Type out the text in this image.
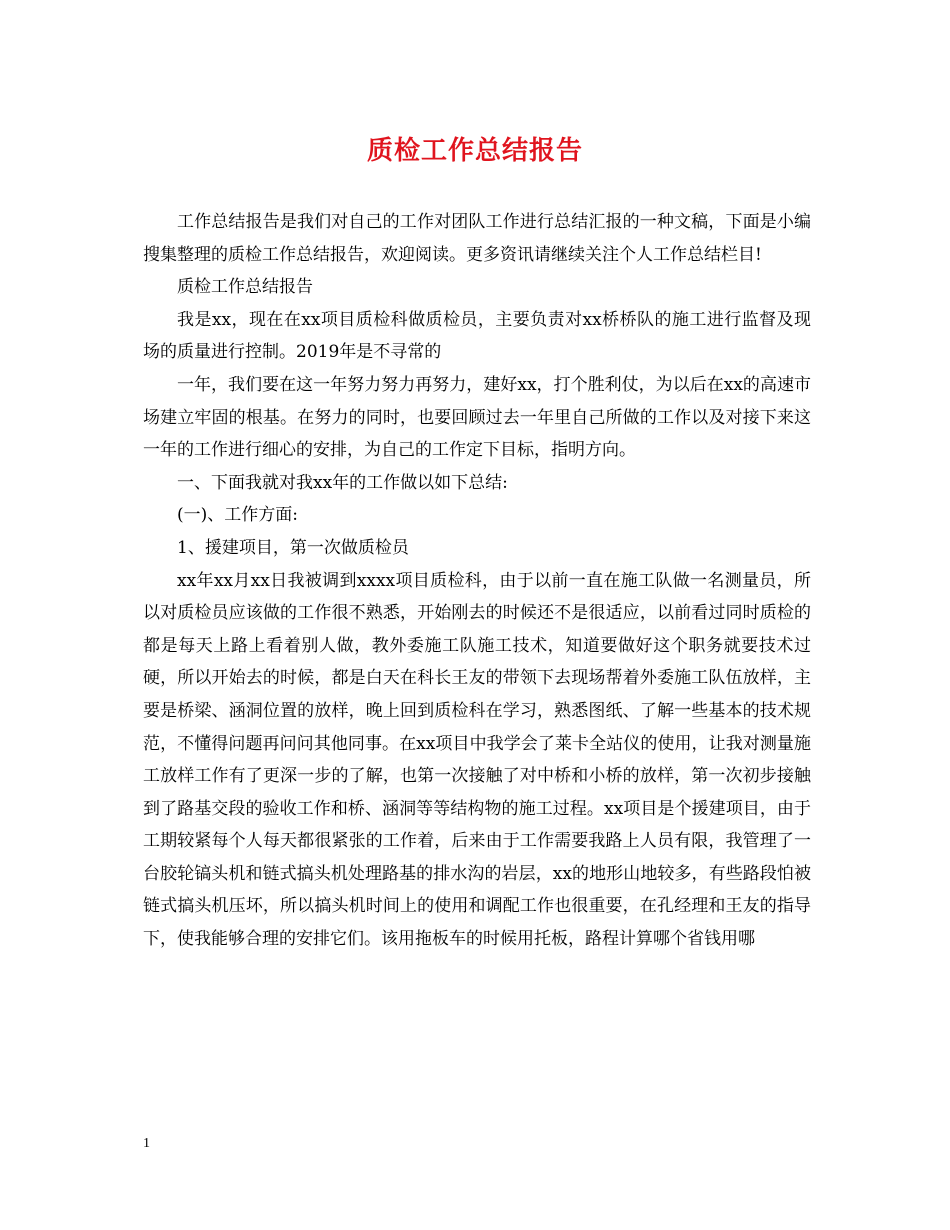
质检工作总结报告

工作总结报告是我们对自己的工作对团队工作进行总结汇报的一种文稿，下面是小编搜集整理的质检工作总结报告，欢迎阅读。更多资讯请继续关注个人工作总结栏目!

质检工作总结报告

我是xx，现在在xx项目质检科做质检员，主要负责对xx桥桥队的施工进行监督及现场的质量进行控制。2019年是不寻常的

一年，我们要在这一年努力努力再努力，建好xx，打个胜利仗，为以后在xx的高速市场建立牢固的根基。在努力的同时，也要回顾过去一年里自己所做的工作以及对接下来这一年的工作进行细心的安排，为自己的工作定下目标，指明方向。

一、下面我就对我xx年的工作做以如下总结:

(一)、工作方面:

1、援建项目，第一次做质检员

xx年xx月xx日我被调到xxxx项目质检科，由于以前一直在施工队做一名测量员，所以对质检员应该做的工作很不熟悉，开始刚去的时候还不是很适应，以前看过同时质检的都是每天上路上看着别人做，教外委施工队施工技术，知道要做好这个职务就要技术过硬，所以开始去的时候，都是白天在科长王友的带领下去现场帮着外委施工队伍放样，主要是桥梁、涵洞位置的放样，晚上回到质检科在学习，熟悉图纸、了解一些基本的技术规范，不懂得问题再问问其他同事。在xx项目中我学会了莱卡全站仪的使用，让我对测量施工放样工作有了更深一步的了解，也第一次接触了对中桥和小桥的放样，第一次初步接触到了路基交段的验收工作和桥、涵洞等等结构物的施工过程。xx项目是个援建项目，由于工期较紧每个人每天都很紧张的工作着，后来由于工作需要我路上人员有限，我管理了一台胶轮镐头机和链式搞头机处理路基的排水沟的岩层，xx的地形山地较多，有些路段怕被链式搞头机压坏，所以搞头机时间上的使用和调配工作也很重要，在孔经理和王友的指导下，使我能够合理的安排它们。该用拖板车的时候用托板，路程计算哪个省钱用哪

1
